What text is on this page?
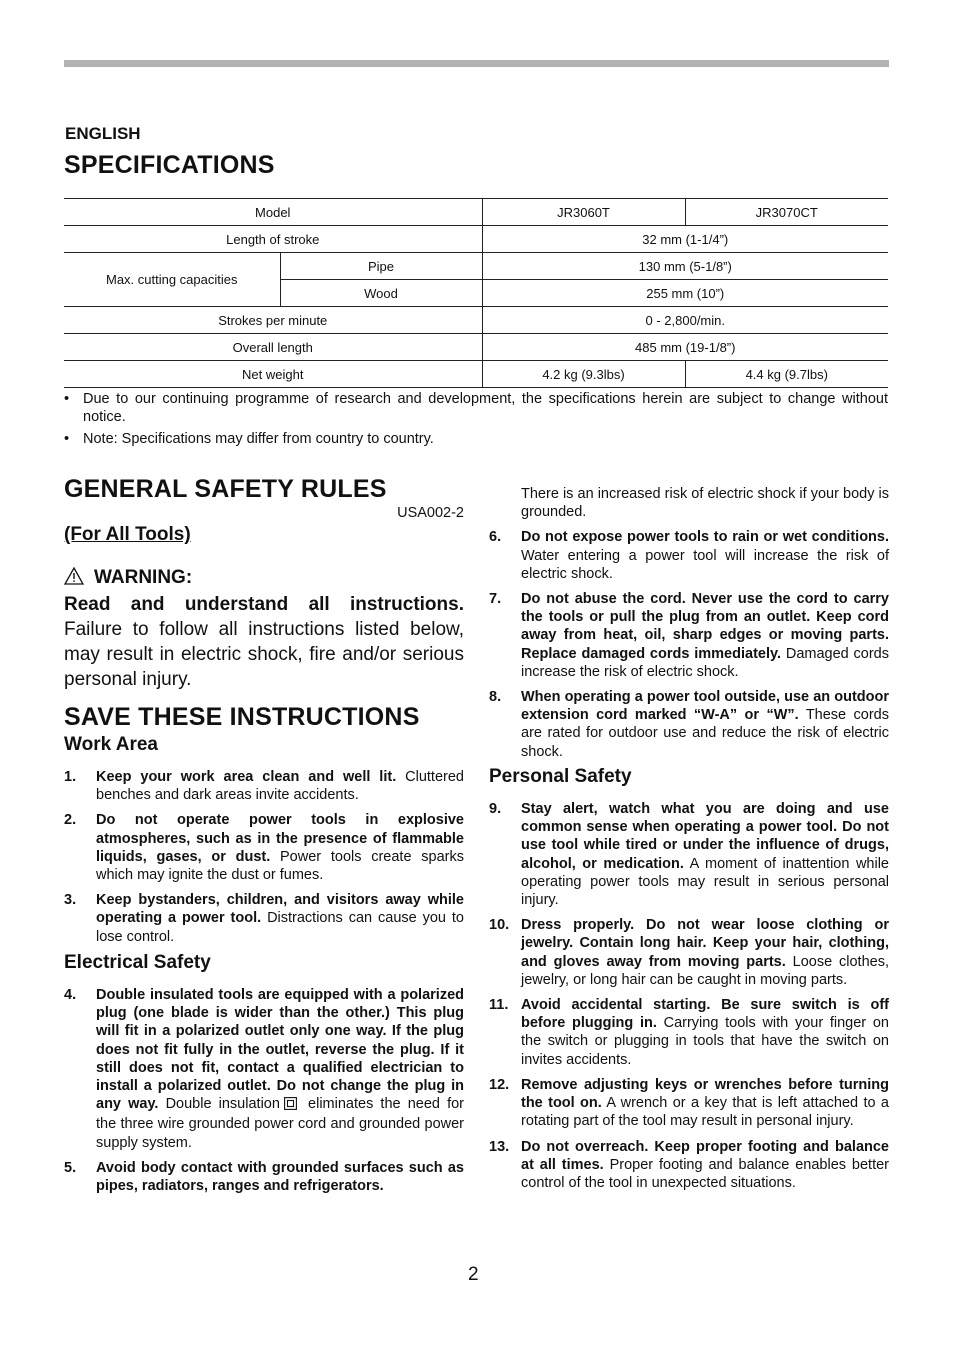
ENGLISH
SPECIFICATIONS
Model		JR3060T	JR3070CT
Length of stroke		32 mm (1-1/4”)	
Max. cutting capacities	Pipe	130 mm (5-1/8”)	
	Wood	255 mm (10”)	
Strokes per minute		0 - 2,800/min.	
Overall length		485 mm (19-1/8”)	
Net weight		4.2 kg (9.3lbs)	4.4 kg (9.7lbs)
• Due to our continuing programme of research and development, the specifications herein are subject to change without notice.
• Note: Specifications may differ from country to country.
GENERAL SAFETY RULES
USA002-2
(For All Tools)
WARNING:
Read and understand all instructions. Failure to follow all instructions listed below, may result in electric shock, fire and/or serious personal injury.
SAVE THESE INSTRUCTIONS
Work Area
1.	Keep your work area clean and well lit. Cluttered benches and dark areas invite accidents.
2.	Do not operate power tools in explosive atmospheres, such as in the presence of flammable liquids, gases, or dust. Power tools create sparks which may ignite the dust or fumes.
3.	Keep bystanders, children, and visitors away while operating a power tool. Distractions can cause you to lose control.
Electrical Safety
4.	Double insulated tools are equipped with a polarized plug (one blade is wider than the other.) This plug will fit in a polarized outlet only one way. If the plug does not fit fully in the outlet, reverse the plug. If it still does not fit, contact a qualified electrician to install a polarized outlet. Do not change the plug in any way. Double insulation eliminates the need for the three wire grounded power cord and grounded power supply system.
5.	Avoid body contact with grounded surfaces such as pipes, radiators, ranges and refrigerators.
There is an increased risk of electric shock if your body is grounded.
6.	Do not expose power tools to rain or wet conditions. Water entering a power tool will increase the risk of electric shock.
7.	Do not abuse the cord. Never use the cord to carry the tools or pull the plug from an outlet. Keep cord away from heat, oil, sharp edges or moving parts. Replace damaged cords immediately. Damaged cords increase the risk of electric shock.
8.	When operating a power tool outside, use an outdoor extension cord marked “W-A” or “W”. These cords are rated for outdoor use and reduce the risk of electric shock.
Personal Safety
9.	Stay alert, watch what you are doing and use common sense when operating a power tool. Do not use tool while tired or under the influence of drugs, alcohol, or medication. A moment of inattention while operating power tools may result in serious personal injury.
10. Dress properly. Do not wear loose clothing or jewelry. Contain long hair. Keep your hair, clothing, and gloves away from moving parts. Loose clothes, jewelry, or long hair can be caught in moving parts.
11. Avoid accidental starting. Be sure switch is off before plugging in. Carrying tools with your finger on the switch or plugging in tools that have the switch on invites accidents.
12. Remove adjusting keys or wrenches before turning the tool on. A wrench or a key that is left attached to a rotating part of the tool may result in personal injury.
13. Do not overreach. Keep proper footing and balance at all times. Proper footing and balance enables better control of the tool in unexpected situations.
2
